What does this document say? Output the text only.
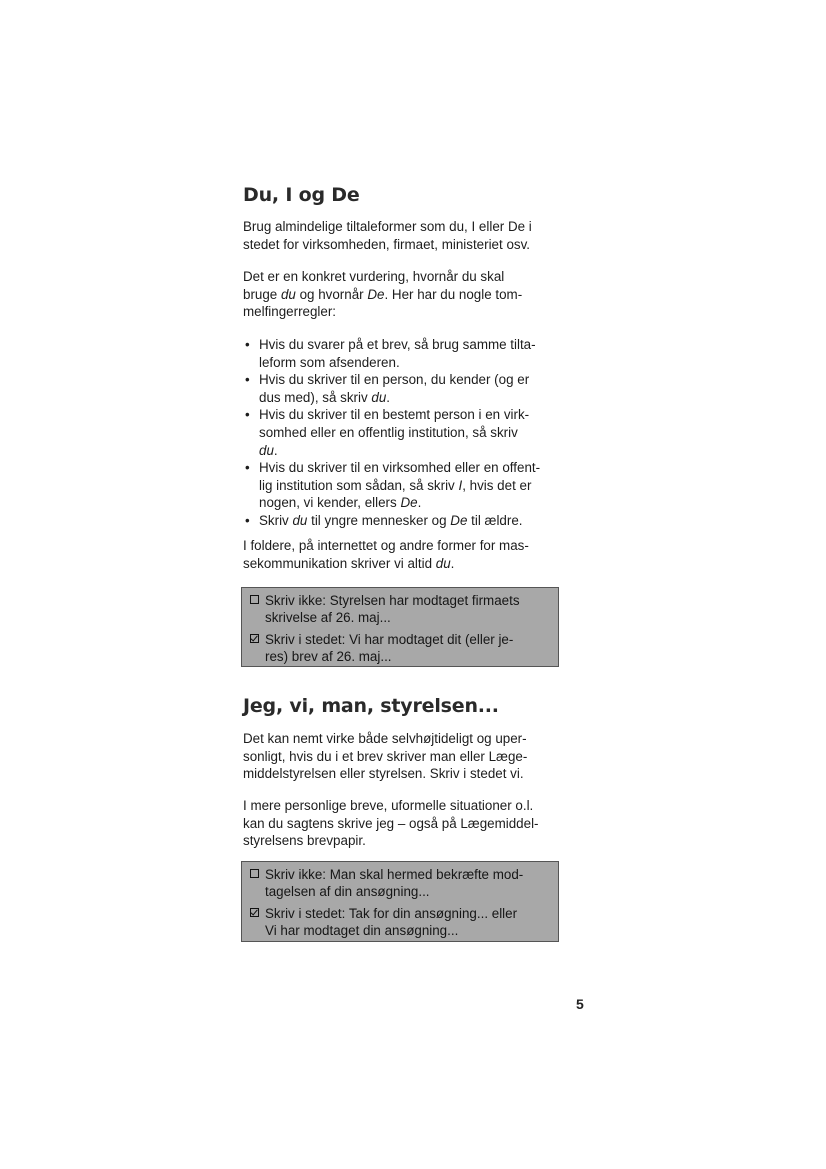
Du, I og De

Brug almindelige tiltaleformer som du, I eller De i
stedet for virksomheden, firmaet, ministeriet osv.

Det er en konkret vurdering, hvornår du skal
bruge du og hvornår De. Her har du nogle tom-
melfingerregler:

• Hvis du svarer på et brev, så brug samme tilta-
leform som afsenderen.
• Hvis du skriver til en person, du kender (og er
dus med), så skriv du.
• Hvis du skriver til en bestemt person i en virk-
somhed eller en offentlig institution, så skriv
du.
• Hvis du skriver til en virksomhed eller en offent-
lig institution som sådan, så skriv I, hvis det er
nogen, vi kender, ellers De.
• Skriv du til yngre mennesker og De til ældre.

I foldere, på internettet og andre former for mas-
sekommunikation skriver vi altid du.

Skriv ikke: Styrelsen har modtaget firmaets
skrivelse af 26. maj...
Skriv i stedet: Vi har modtaget dit (eller je-
res) brev af 26. maj...
Jeg, vi, man, styrelsen...

Det kan nemt virke både selvhøjtideligt og uper-
sonligt, hvis du i et brev skriver man eller Læge-
middelstyrelsen eller styrelsen. Skriv i stedet vi.

I mere personlige breve, uformelle situationer o.l.
kan du sagtens skrive jeg – også på Lægemiddel-
styrelsens brevpapir.

Skriv ikke: Man skal hermed bekræfte mod-
tagelsen af din ansøgning...
Skriv i stedet: Tak for din ansøgning... eller
Vi har modtaget din ansøgning...
5
